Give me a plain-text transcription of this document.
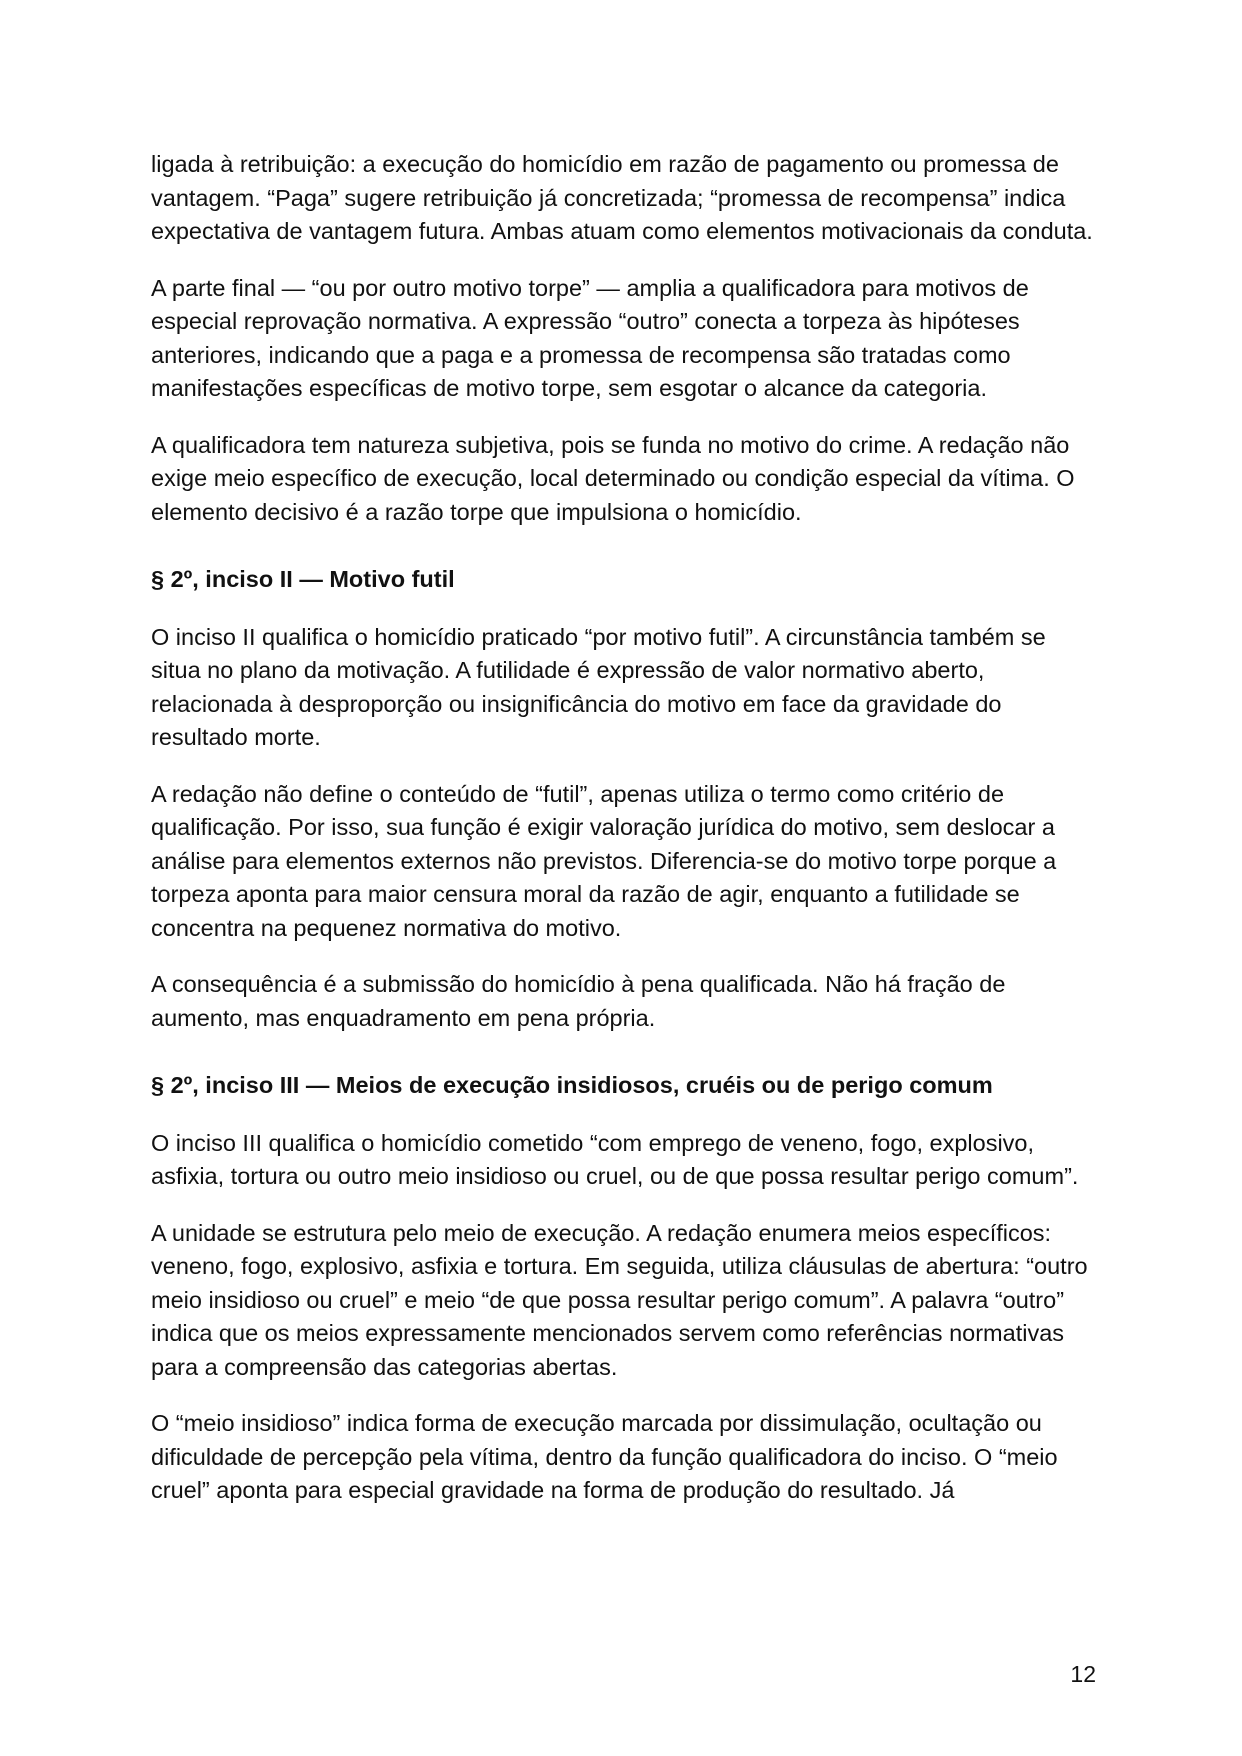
ligada à retribuição: a execução do homicídio em razão de pagamento ou promessa de vantagem. “Paga” sugere retribuição já concretizada; “promessa de recompensa” indica expectativa de vantagem futura. Ambas atuam como elementos motivacionais da conduta.

A parte final — “ou por outro motivo torpe” — amplia a qualificadora para motivos de especial reprovação normativa. A expressão “outro” conecta a torpeza às hipóteses anteriores, indicando que a paga e a promessa de recompensa são tratadas como manifestações específicas de motivo torpe, sem esgotar o alcance da categoria.

A qualificadora tem natureza subjetiva, pois se funda no motivo do crime. A redação não exige meio específico de execução, local determinado ou condição especial da vítima. O elemento decisivo é a razão torpe que impulsiona o homicídio.

§ 2º, inciso II — Motivo futil

O inciso II qualifica o homicídio praticado “por motivo futil”. A circunstância também se situa no plano da motivação. A futilidade é expressão de valor normativo aberto, relacionada à desproporção ou insignificância do motivo em face da gravidade do resultado morte.

A redação não define o conteúdo de “futil”, apenas utiliza o termo como critério de qualificação. Por isso, sua função é exigir valoração jurídica do motivo, sem deslocar a análise para elementos externos não previstos. Diferencia-se do motivo torpe porque a torpeza aponta para maior censura moral da razão de agir, enquanto a futilidade se concentra na pequenez normativa do motivo.

A consequência é a submissão do homicídio à pena qualificada. Não há fração de aumento, mas enquadramento em pena própria.

§ 2º, inciso III — Meios de execução insidiosos, cruéis ou de perigo comum

O inciso III qualifica o homicídio cometido “com emprego de veneno, fogo, explosivo, asfixia, tortura ou outro meio insidioso ou cruel, ou de que possa resultar perigo comum”.

A unidade se estrutura pelo meio de execução. A redação enumera meios específicos: veneno, fogo, explosivo, asfixia e tortura. Em seguida, utiliza cláusulas de abertura: “outro meio insidioso ou cruel” e meio “de que possa resultar perigo comum”. A palavra “outro” indica que os meios expressamente mencionados servem como referências normativas para a compreensão das categorias abertas.

O “meio insidioso” indica forma de execução marcada por dissimulação, ocultação ou dificuldade de percepção pela vítima, dentro da função qualificadora do inciso. O “meio cruel” aponta para especial gravidade na forma de produção do resultado. Já

12
